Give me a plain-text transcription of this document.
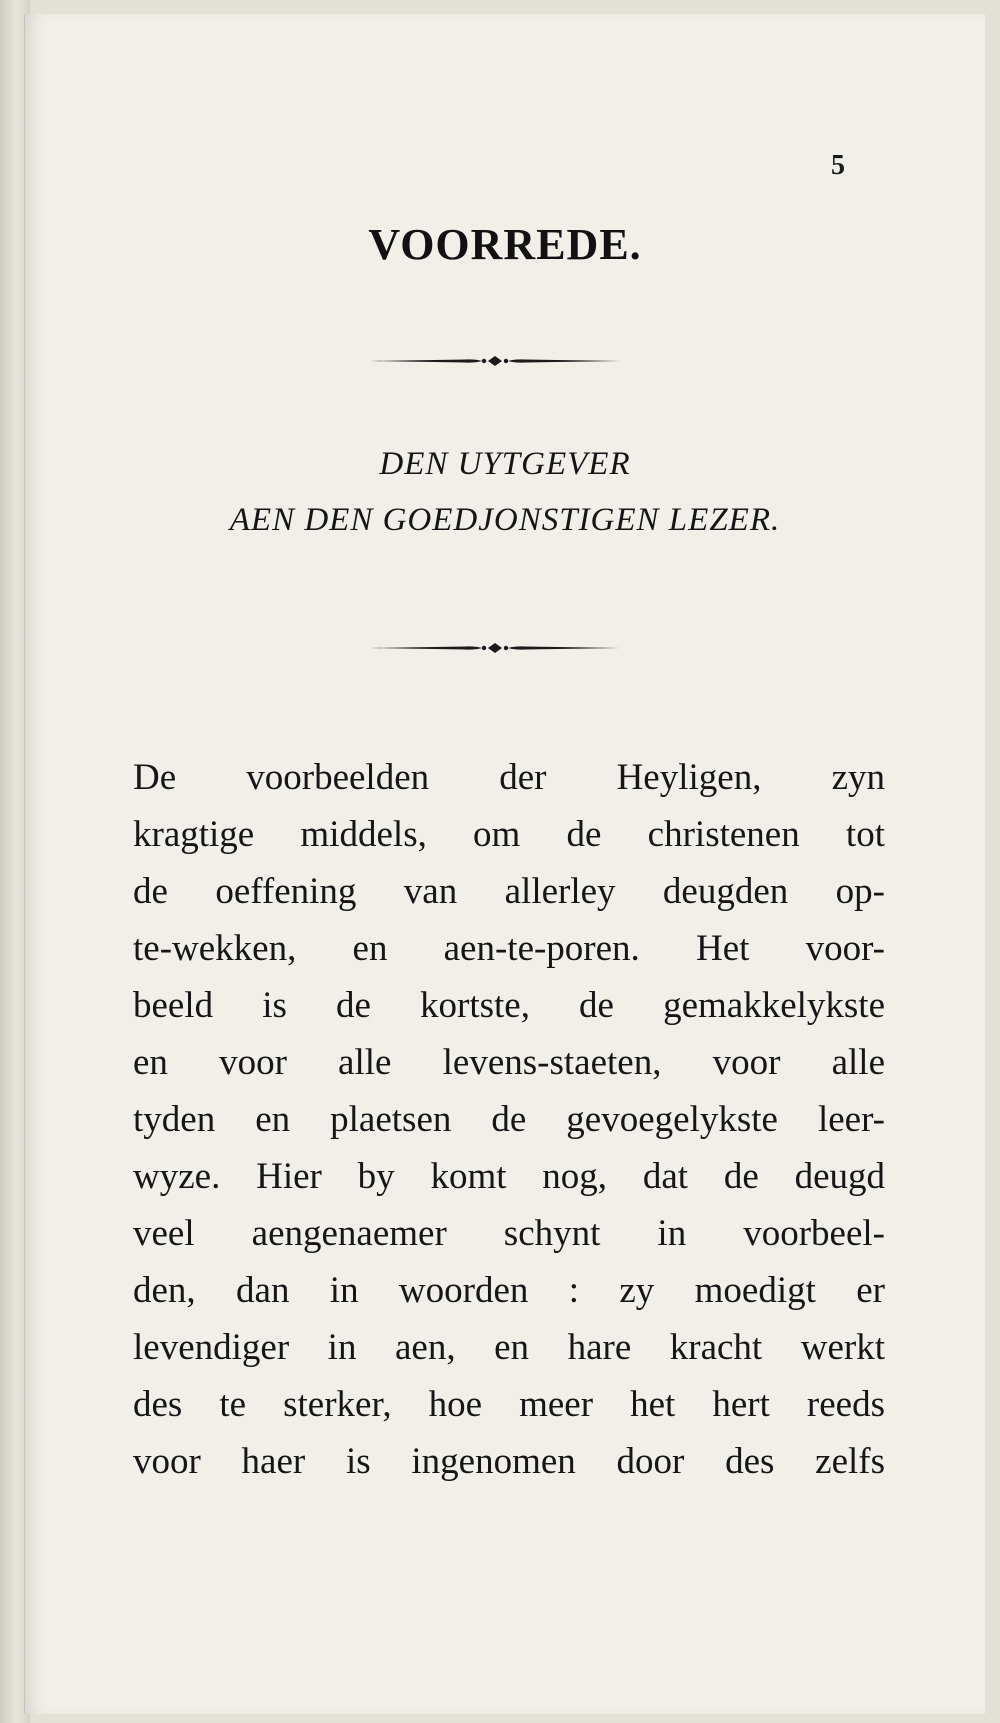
5
VOORREDE.
DEN UYTGEVER
AEN DEN GOEDJONSTIGEN LEZER.
De voorbeelden der Heyligen, zyn
kragtige middels, om de christenen tot
de oeffening van allerley deugden op-
te-wekken, en aen-te-poren. Het voor-
beeld is de kortste, de gemakkelykste
en voor alle levens-staeten, voor alle
tyden en plaetsen de gevoegelykste leer-
wyze. Hier by komt nog, dat de deugd
veel aengenaemer schynt in voorbeel-
den, dan in woorden : zy moedigt er
levendiger in aen, en hare kracht werkt
des te sterker, hoe meer het hert reeds
voor haer is ingenomen door des zelfs
